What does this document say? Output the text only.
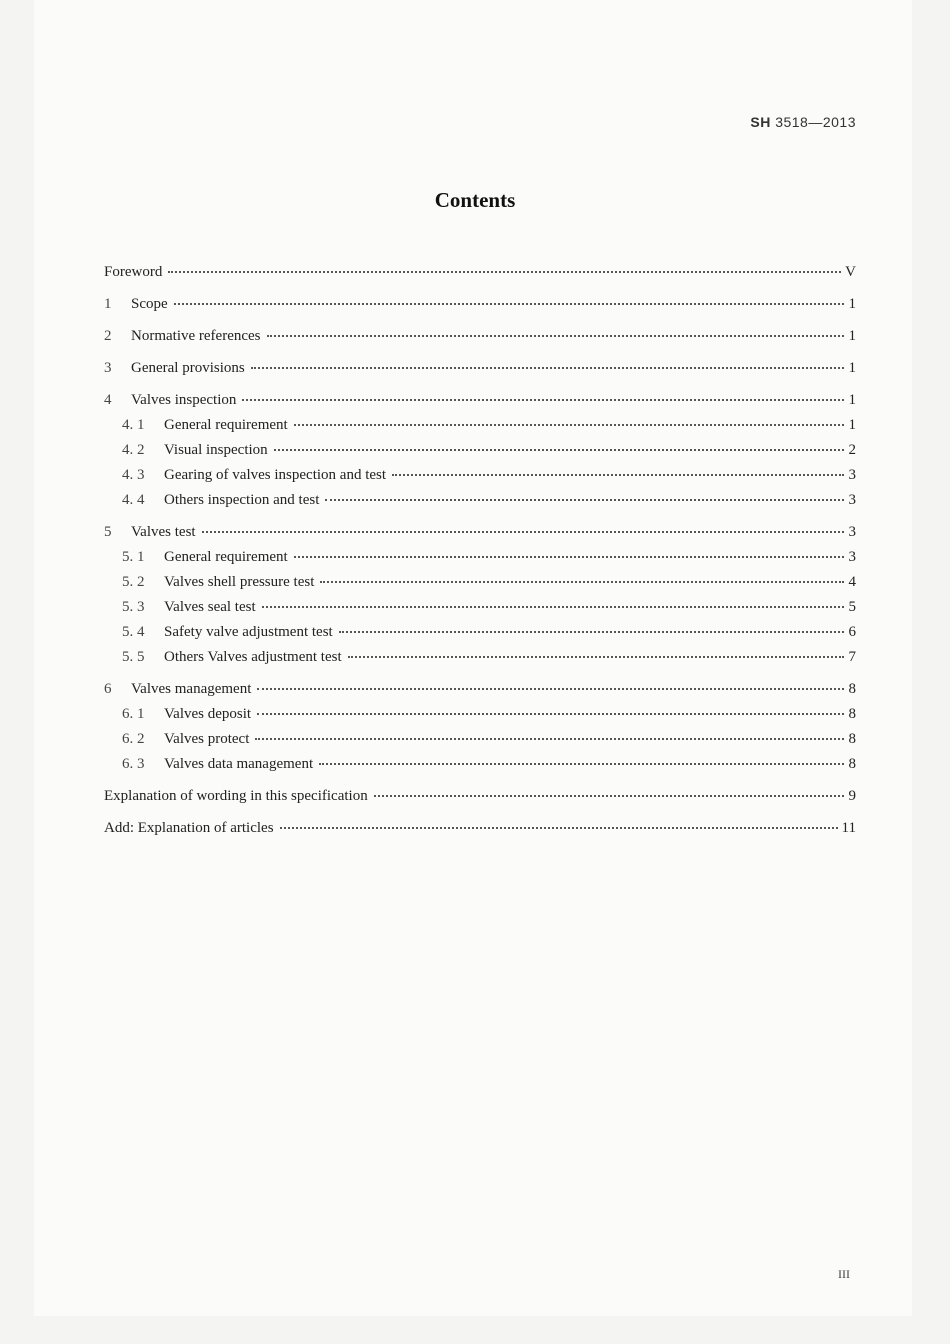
SH 3518—2013
Contents
Foreword	V
1	Scope	1
2	Normative references	1
3	General provisions	1
4	Valves inspection	1
4. 1	General requirement	1
4. 2	Visual inspection	2
4. 3	Gearing of valves inspection and test	3
4. 4	Others inspection and test	3
5	Valves test	3
5. 1	General requirement	3
5. 2	Valves shell pressure test	4
5. 3	Valves seal test	5
5. 4	Safety valve adjustment test	6
5. 5	Others Valves adjustment test	7
6	Valves management	8
6. 1	Valves deposit	8
6. 2	Valves protect	8
6. 3	Valves data management	8
Explanation of wording in this specification	9
Add: Explanation of articles	11
III
